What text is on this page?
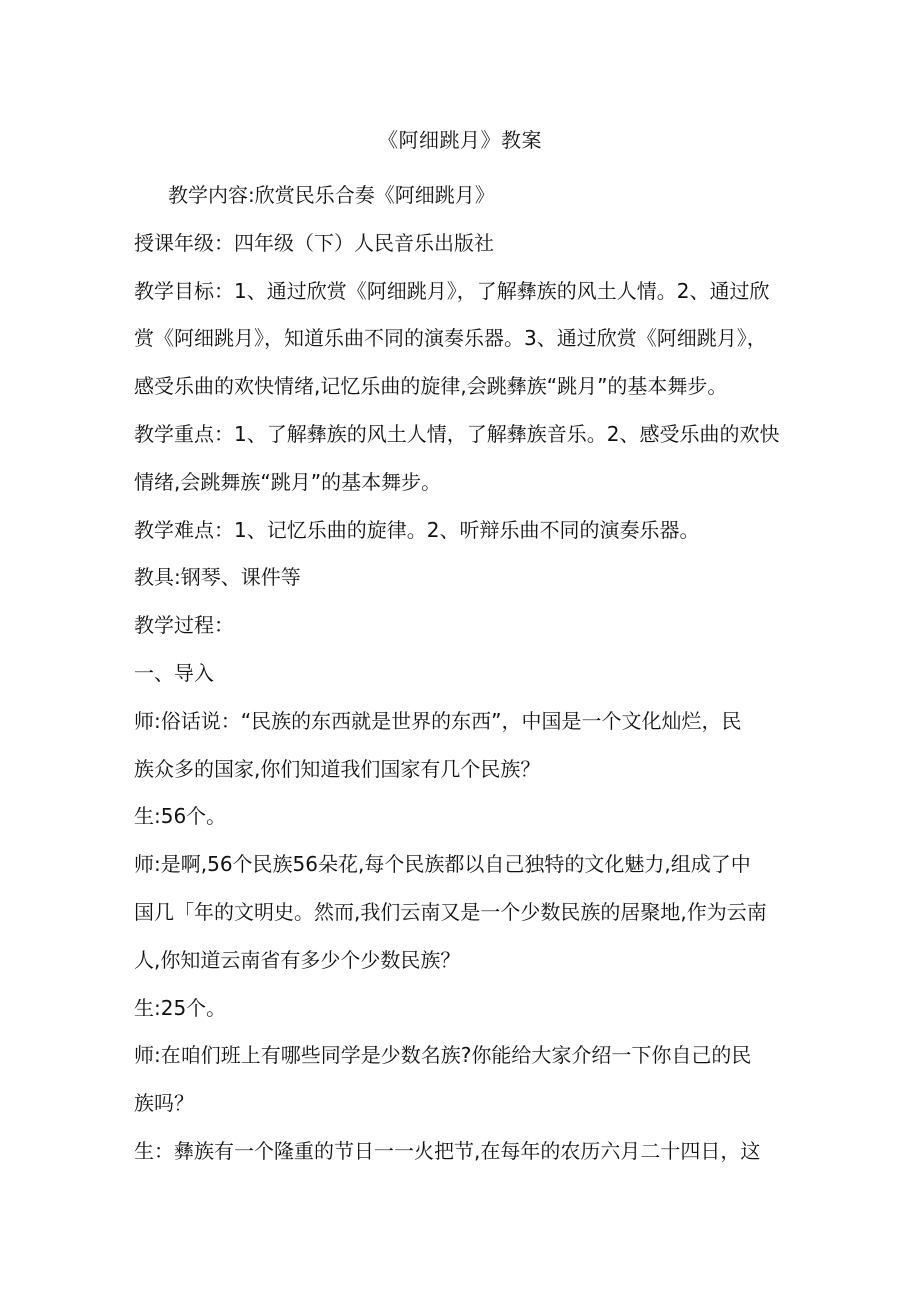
《阿细跳月》教案

教学内容:欣赏民乐合奏《阿细跳月》

授课年级：四年级（下）人民音乐出版社

教学目标：1、通过欣赏《阿细跳月》，了解彝族的风土人情。2、通过欣

赏《阿细跳月》，知道乐曲不同的演奏乐器。3、通过欣赏《阿细跳月》，

感受乐曲的欢快情绪,记忆乐曲的旋律,会跳彝族“跳月”的基本舞步。

教学重点：1、了解彝族的风土人情，了解彝族音乐。2、感受乐曲的欢快

情绪,会跳舞族“跳月”的基本舞步。

教学难点：1、记忆乐曲的旋律。2、听辩乐曲不同的演奏乐器。

教具:钢琴、课件等

教学过程：

一、导入

师:俗话说：“民族的东西就是世界的东西”，中国是一个文化灿烂，民

族众多的国家,你们知道我们国家有几个民族？

生:56个。

师:是啊,56个民族56朵花,每个民族都以自己独特的文化魅力,组成了中

国几「年的文明史。然而,我们云南又是一个少数民族的居聚地,作为云南

人,你知道云南省有多少个少数民族？

生:25个。

师:在咱们班上有哪些同学是少数名族?你能给大家介绍一下你自己的民

族吗？

生：彝族有一个隆重的节日一一火把节,在每年的农历六月二十四日，这
